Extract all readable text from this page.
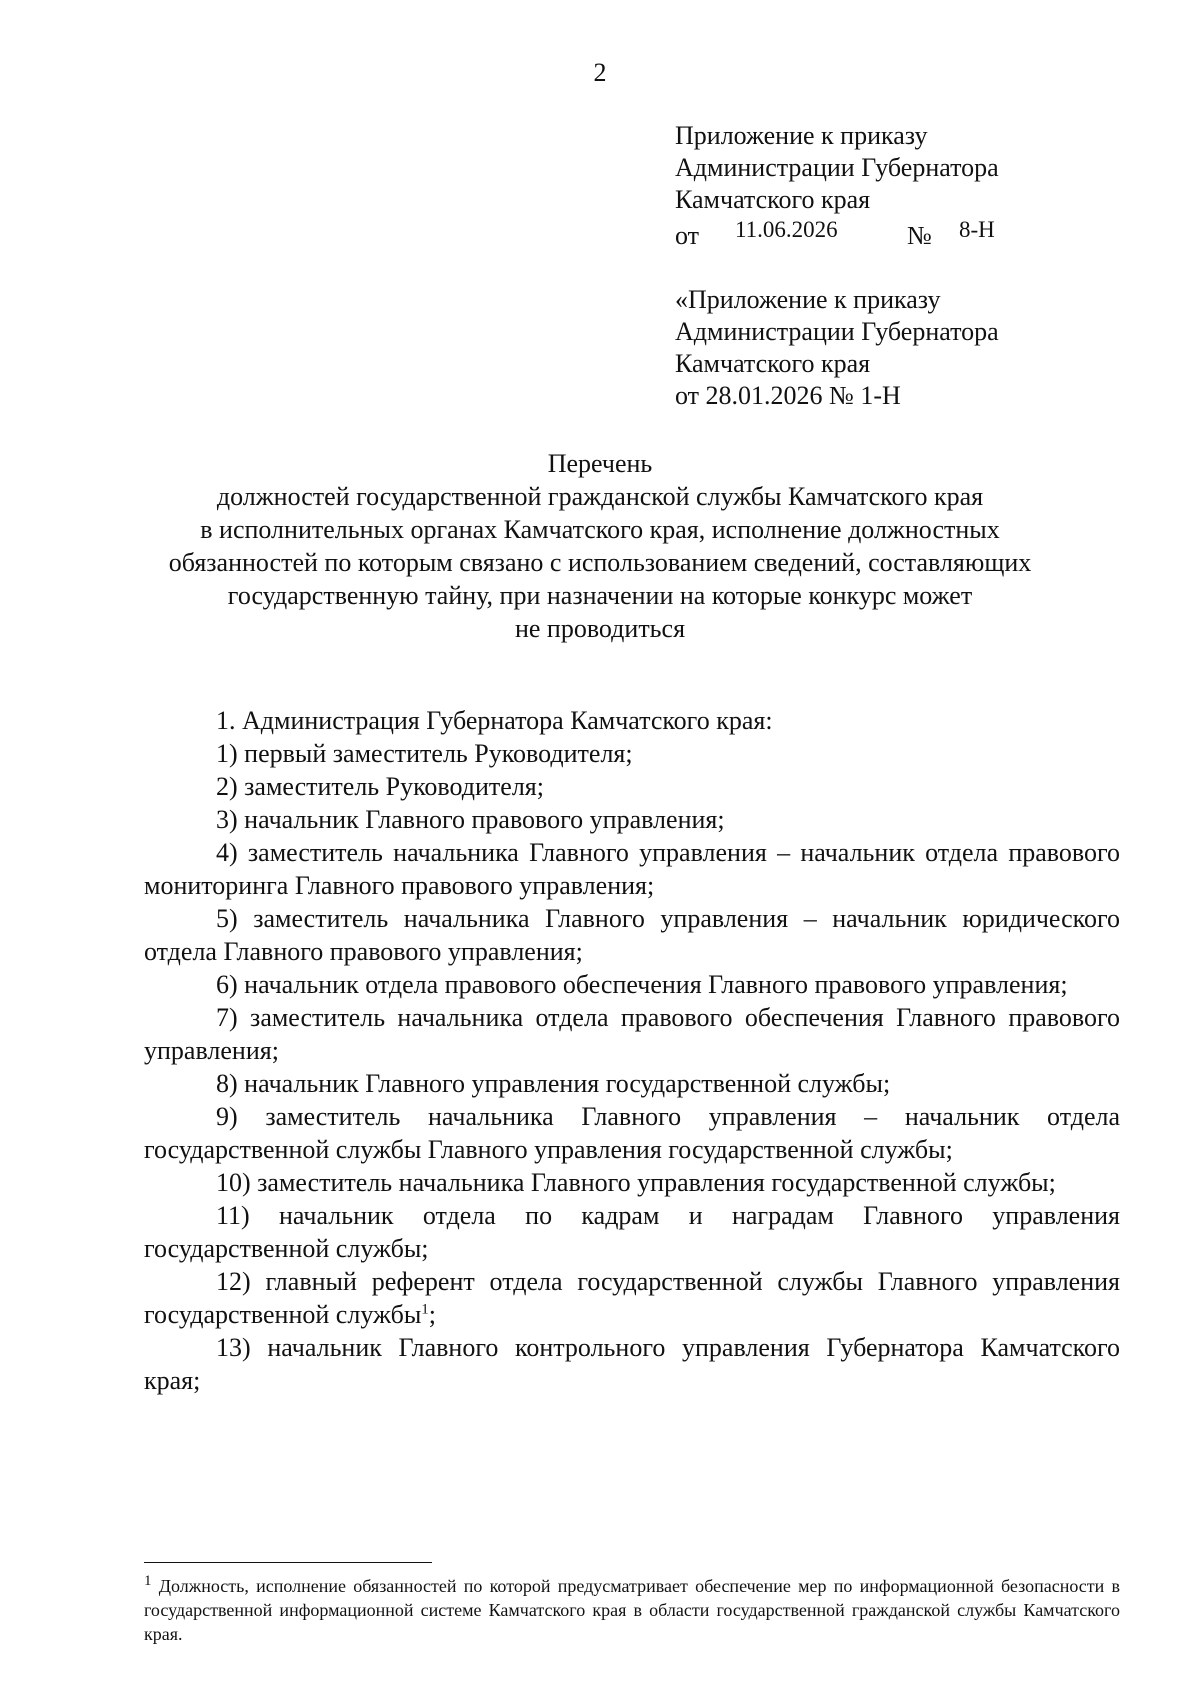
2
Приложение к приказу
Администрации Губернатора
Камчатского края
от 11.06.2026	№ 8-Н
«Приложение к приказу
Администрации Губернатора
Камчатского края
от 28.01.2026 № 1-Н
Перечень
должностей государственной гражданской службы Камчатского края
в исполнительных органах Камчатского края, исполнение должностных
обязанностей по которым связано с использованием сведений, составляющих
государственную тайну, при назначении на которые конкурс может
не проводиться

1. Администрация Губернатора Камчатского края:

1) первый заместитель Руководителя;

2) заместитель Руководителя;

3) начальник Главного правового управления;

4) заместитель начальника Главного управления – начальник отдела правового мониторинга Главного правового управления;

5) заместитель начальника Главного управления – начальник юридического отдела Главного правового управления;

6) начальник отдела правового обеспечения Главного правового управления;

7) заместитель начальника отдела правового обеспечения Главного правового управления;

8) начальник Главного управления государственной службы;

9) заместитель начальника Главного управления – начальник отдела государственной службы Главного управления государственной службы;

10) заместитель начальника Главного управления государственной службы;

11) начальник отдела по кадрам и наградам Главного управления государственной службы;

12) главный референт отдела государственной службы Главного управления государственной службы$^1$;

13) начальник Главного контрольного управления Губернатора Камчатского края;

$^1$ Должность, исполнение обязанностей по которой предусматривает обеспечение мер по информационной безопасности в государственной информационной системе Камчатского края в области государственной гражданской службы Камчатского края.
